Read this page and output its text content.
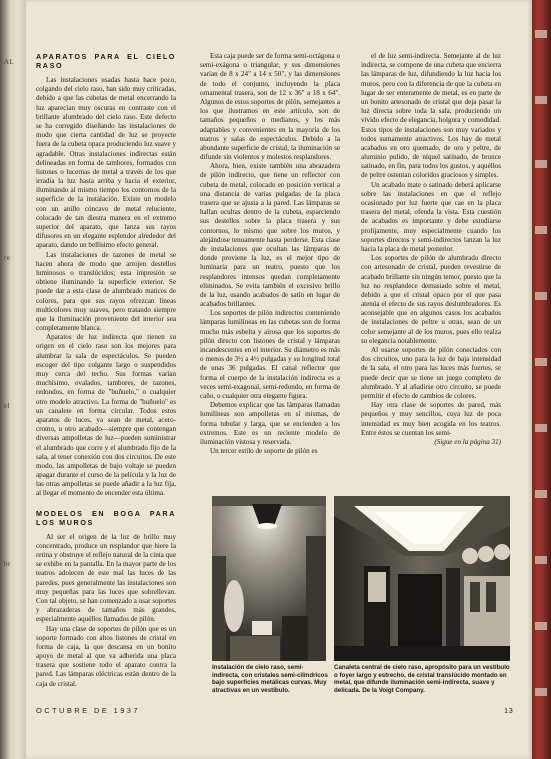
AL
re
el
br
APARATOS PARA EL CIELO RASO

Las instalaciones usadas hasta hace poco, colgando del cielo raso, han sido muy criticadas, debido a que las cubetas de metal encerrando la luz aparecían muy oscuras en contraste con el brillante alumbrado del cielo raso. Este defecto se ha corregido diseñando las instalaciones de modo que cierta cantidad de luz se proyecte fuera de la cubeta opaca produciendo luz suave y agradable. Otras instalaciones indirectas están delineadas en forma de tambores, formados con listones o lucernas de metal a través de los que irradia la luz hasta arriba y hacia el exterior, iluminando al mismo tiempo los contornos de la superficie de la instalación. Existe un modelo con un anillo cóncavo de metal reluciente, colocado de tan diestra manera en el extremo superior del aparato, que lanza sus rayos difusores en un elegante esplendor alrededor del aparato, dando un bellísimo efecto general.

Las instalaciones de tazones de metal se hacen ahora de modo que arrojen destellos luminosos o translúcidos; esta impresión se obtiene iluminando la superficie exterior. Se puede dar a esta clase de alumbrado matices de colores, para que sus rayos ofrezcan líneas multicolores muy suaves, pero tratando siempre que la iluminación proveniente del interior sea completamente blanca.

Aparatos de luz indirecta que tienen su origen en el cielo raso son los mejores para alumbrar la sala de espectáculos. Se pueden escoger del tipo colgante largo o suspendidos muy cerca del techo. Sus formas varían muchísimo, ovalados, tambores, de tazones, redondos, en forma de "buñuelo," o cualquier otro modelo atractivo. La forma de "buñuelo" es un canalete en forma circular. Todos estos aparatos de luces, ya sean de metal, acero-cromo, u otro acabado—siempre que contengan diversas ampolletas de luz—pueden suministrar el alumbrado que corre y el alumbrado fijo de la sala, al tener conexión con dos circuitos. De este modo, las ampolletas de bajo voltaje se pueden apagar durante el curso de la película y la luz de las otras ampolletas se puede añadir a la luz fija, al llegar el momento de encender esta última.

MODELOS EN BOGA PARA LOS MUROS

Al ser el origen de la luz de brillo muy concentrado, produce un resplandor que hiere la retina y obstruye el reflejo natural de la cinta que se exhibe en la pantalla. En la mayor parte de los teatros adolecen de este mal las luces de las paredes, pues generalmente las instalaciones son muy pequeñas para las luces que sobrellevan. Con tal objeto, se han comenzado a usar soportes y abrazaderas de tamaños más grandes, especialmente aquéllos llamados de pilón.

Hay una clase de soportes de pilón que es un soporte formado con altos listones de cristal en forma de caja, la que descansa en un bonito apoyo de metal al que va adherida una placa trasera que sostiene todo el aparato contra la pared. Las lámparas eléctricas están dentro de la caja de cristal.

Esta caja puede ser de forma semi-octágona o semi-exágona o triangular, y sus dimensiones varían de 8 x 24" a 14 x 50", y las dimensiones de todo el conjunto, incluyendo la placa ornamental trasera, son de 12 x 36" a 18 x 64". Algunos de estos soportes de pilón, semejantes a los que ilustramos en este artículo, son de tamaños pequeños o medianos, y los más adaptables y convenientes en la mayoría de los teatros y salas de espectáculos. Debido a la abundante superficie de cristal, la iluminación se difunde sin violentos y molestos resplandores.

Ahora, bien, existe también una abrazadera de pilón indirecto, que tiene un reflector con cubeta de metal, colocado en posición vertical a una distancia de varias pulgadas de la placa trasera que se ajusta a la pared. Las lámparas se hallan ocultas dentro de la cubeta, esparciendo sus destellos sobre la placa trasera y sus contornos, lo mismo que sobre los muros, y alejándose tenuamente hasta perderse. Esta clase de instalaciones que ocultan las lámparas de donde proviene la luz, es el mejor tipo de luminaria para un teatro, puesto que los resplandores intensos quedan completamente eliminados. Se evita también el excesivo brillo de la luz, usando acabados de satín en lugar de acabados brillantes.

Los soportes de pilón indirectos conteniendo lámparas lumilíneas en las cubetas son de forma mucho más esbelta y airosa que los soportes de pilón directo con listones de cristal y lámparas incandescentes en el interior. Su diámetro es más o menos de 3½ a 4½ pulgadas y su longitud total de unas 36 pulgadas. El canal reflector que forma el cuerpo de la instalación indirecta es a veces semi-exagonal, semi-redondo, en forma de caño, o cualquier otra elegante figura.

Debemos explicar que las lámparas llamadas lumilíneas son ampolletas en sí mismas, de forma tubular y larga, que se encienden a los extremos. Este es un reciente modelo de iluminación vistosa y reservada.

Un tercer estilo de soporte de pilón es

el de luz semi-indirecta. Semejante al de luz indirecta, se compone de una cubeta que encierra las lámparas de luz, difundiendo la luz hacia los muros, pero con la diferencia de que la cubeta en lugar de ser enteramente de metal, es en parte de un bonito artesonado de cristal que deja pasar la luz directa sobre toda la sala, produciendo un vívido efecto de elegancia, holgura y comodidad. Estos tipos de instalaciones son muy variados y todos sumamente atractivos. Los hay de metal acabados en oro quemado, de oro y peltre, de aluminio pulido, de níquel satinado, de bronce satinado, en fin, para todos los gustos, y aquéllos de peltre ostentan coloridos graciosos y simples.

Un acabado mate o satinado deberá aplicarse sobre las instalaciones en que el reflejo ocasionado por luz fuerte que cae en la placa trasera del metal, ofenda la vista. Esta cuestión de acabados es importante y debe estudiarse prolijamente, muy especialmente cuando los soportes directos y semi-indirectos lanzan la luz hacia la placa de metal posterior.

Los soportes de pilón de alumbrado directo con artesonado de cristal, pueden revestirse de acabado brillante sin ningún temor, puesto que la luz no resplandece demasiado sobre el metal, debido a que el cristal opaco por el que pasa atenúa el efecto de sus rayos deslumbradores. Es aconsejable que en algunos casos los acabados de instalaciones de peltre u otras, sean de un color semejante al de los muros, pues ello realza su elegancia notablemente.

Al usarse soportes de pilón conectados con dos circuitos, uno para la luz de baja intensidad de la sala, el otro para las luces más fuertes, se puede decir que se tiene un juego completo de alumbrado. Y al añadirse otro circuito, se puede permitir el efecto de cambios de colores.

Hay otra clase de soportes de pared, más pequeños y muy sencillos, cuya luz de poca intensidad es muy bien acogida en los teatros. Entre éstos se cuentan los semi-

(Sigue en la página 31)

Instalación de cielo raso, semi-indirecta, con cristales semi-cilíndricos bajo superficies metálicas curvas. Muy atractivas en un vestíbulo.
Canaleta central de cielo raso, apropósito para un vestíbulo o foyer largo y estrecho, de cristal translúcido montado en metal, que difunde iluminación semi-indirecta, suave y delicada. De la Voigt Company.
OCTUBRE DE 1937	13
